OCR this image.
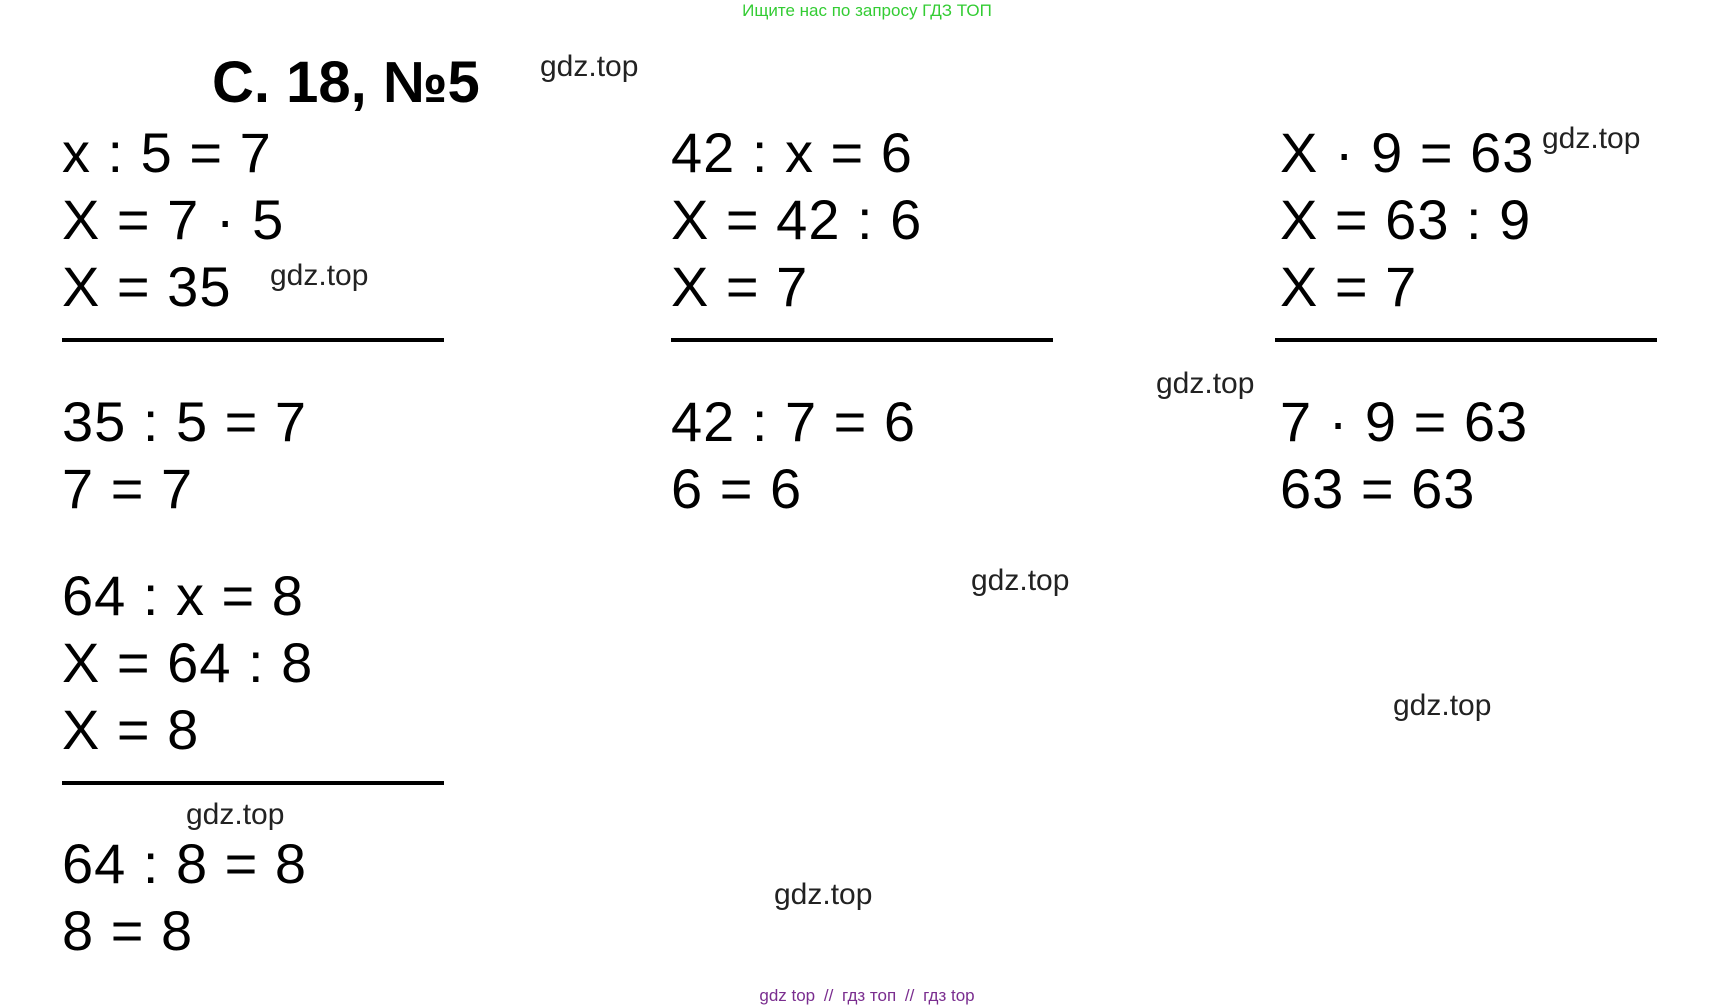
Ищите нас по запросу ГДЗ ТОП
С. 18, №5
x : 5 = 7
X = 7 · 5
X = 35
35 : 5 = 7
7 = 7
42 : x = 6
X = 42 : 6
X = 7
42 : 7 = 6
6 = 6
X · 9 = 63
X = 63 : 9
X = 7
7 · 9 = 63
63 = 63
64 : x = 8
X = 64 : 8
X = 8
64 : 8 = 8
8 = 8
gdz.top
gdz.top
gdz.top
gdz.top
gdz.top
gdz.top
gdz.top
gdz.top
gdz top // гдз топ // гдз top
